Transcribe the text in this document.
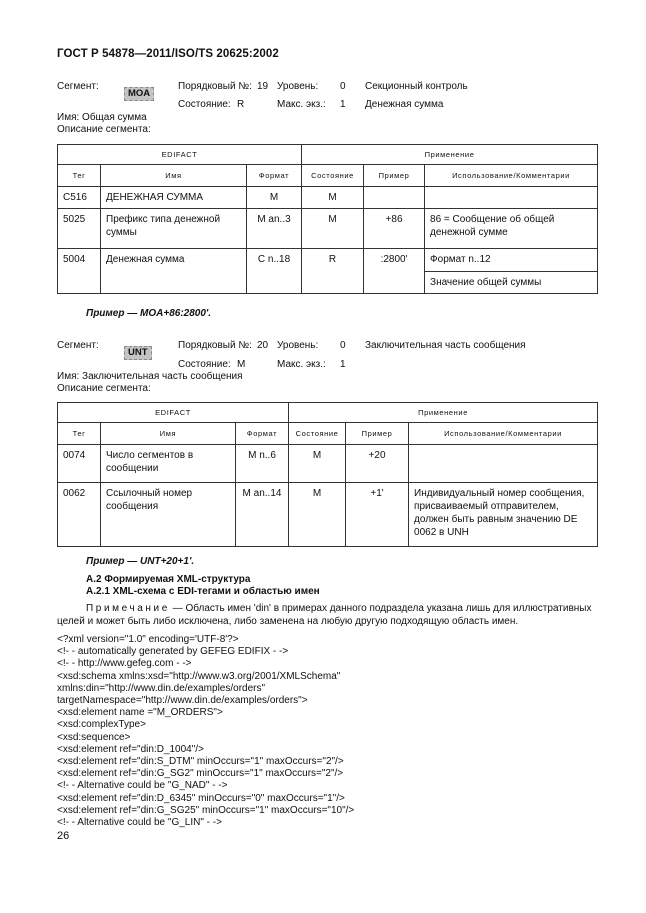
ГОСТ Р 54878—2011/ISO/TS 20625:2002
Сегмент:
MOA
Порядковый №: 19 Уровень: 0 Секционный контроль
Состояние: R	Макс. экз.: 1 Денежная сумма
Имя: Общая сумма
Описание сегмента:
EDIFACT			Применение		
Тег	Имя	Формат	Состояние	Пример	Использование/Комментарии
C516	ДЕНЕЖНАЯ СУММА	M	M		
5025	Префикс типа денежной суммы	M an..3	M	+86	86 = Сообщение об общей денежной сумме
5004	Денежная сумма	C n..18	R	:2800'	Формат n..12
					Значение общей суммы
Пример — MOA+86:2800'.
Сегмент:
UNT
Порядковый №: 20 Уровень: 0 Заключительная часть сообщения
Состояние: M	Макс. экз.: 1
Имя: Заключительная часть сообщения
Описание сегмента:
EDIFACT			Применение		
Тег	Имя	Формат	Состояние	Пример	Использование/Комментарии
0074	Число сегментов в сообщении	M n..6	M	+20	
0062	Ссылочный номер сообщения	M an..14	M	+1'	Индивидуальный номер сообщения, присваиваемый отправителем, должен быть равным значению DE 0062 в UNH
Пример — UNT+20+1'.
А.2 Формируемая XML-структура
А.2.1 XML-схема с EDI-тегами и областью имен
Примечание — Область имен 'din' в примерах данного подраздела указана лишь для иллюстративных целей и может быть либо исключена, либо заменена на любую другую подходящую область имен.
<?xml version="1.0" encoding='UTF-8'?>
<!- - automatically generated by GEFEG EDIFIX - ->
<!- - http://www.gefeg.com - ->
<xsd:schema xmlns:xsd="http://www.w3.org/2001/XMLSchema"
xmlns:din="http://www.din.de/examples/orders"
targetNamespace="http://www.din.de/examples/orders">
<xsd:element name ="M_ORDERS">
<xsd:complexType>
<xsd:sequence>
<xsd:element ref="din:D_1004"/>
<xsd:element ref="din:S_DTM" minOccurs="1" maxOccurs="2"/>
<xsd:element ref="din:G_SG2" minOccurs="1" maxOccurs="2"/>
<!- - Alternative could be "G_NAD" - ->
<xsd:element ref="din:D_6345" minOccurs="0" maxOccurs="1"/>
<xsd:element ref="din:G_SG25" minOccurs="1" maxOccurs="10"/>
<!- - Alternative could be "G_LIN" - ->
26
